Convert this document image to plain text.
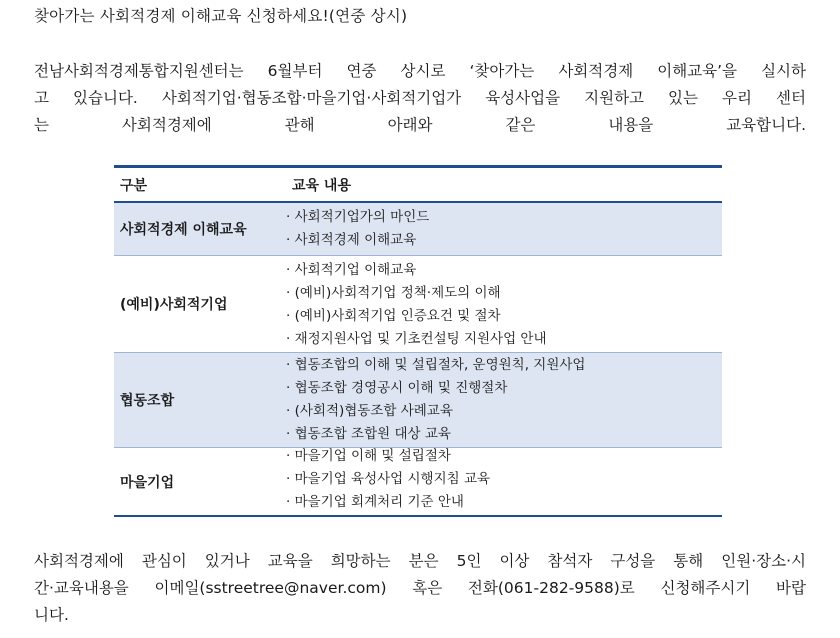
찾아가는 사회적경제 이해교육 신청하세요!(연중 상시)
전남사회적경제통합지원센터는 6월부터 연중 상시로 ‘찾아가는 사회적경제 이해교육’을 실시하
고 있습니다. 사회적기업·협동조합·마을기업·사회적기업가 육성사업을 지원하고 있는 우리 센터
는 사회적경제에 관해 아래와 같은 내용을 교육합니다.
구분	교육 내용
사회적경제 이해교육
· 사회적기업가의 마인드
· 사회적경제 이해교육
(예비)사회적기업
· 사회적기업 이해교육
· (예비)사회적기업 정책·제도의 이해
· (예비)사회적기업 인증요건 및 절차
· 재정지원사업 및 기초컨설팅 지원사업 안내
협동조합
· 협동조합의 이해 및 설립절차, 운영원칙, 지원사업
· 협동조합 경영공시 이해 및 진행절차
· (사회적)협동조합 사례교육
· 협동조합 조합원 대상 교육
마을기업
· 마을기업 이해 및 설립절차
· 마을기업 육성사업 시행지침 교육
· 마을기업 회계처리 기준 안내
사회적경제에 관심이 있거나 교육을 희망하는 분은 5인 이상 참석자 구성을 통해 인원·장소·시
간·교육내용을 이메일(sstreetree@naver.com) 혹은 전화(061-282-9588)로 신청해주시기 바랍
니다.
